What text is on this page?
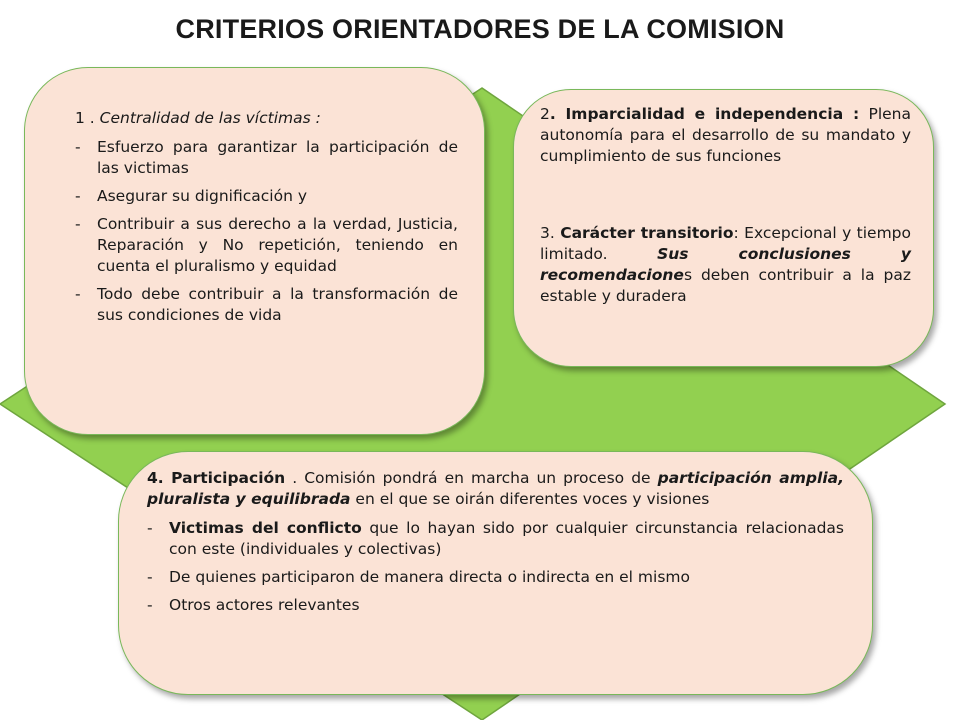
CRITERIOS ORIENTADORES DE LA COMISION

1 . Centralidad de las víctimas :

-	Esfuerzo para garantizar la participación de las victimas
-	Asegurar su dignificación y
-	Contribuir a sus derecho a la verdad, Justicia, Reparación y No repetición, teniendo en cuenta el pluralismo y equidad
-	Todo debe contribuir a la transformación de sus condiciones de vida

2. Imparcialidad e independencia : Plena autonomía para el desarrollo de su mandato y cumplimiento de sus funciones

3. Carácter transitorio: Excepcional y tiempo limitado. Sus conclusiones y recomendaciones deben contribuir a la paz estable y duradera

4. Participación . Comisión pondrá en marcha un proceso de participación amplia, pluralista y equilibrada en el que se oirán diferentes voces y visiones

-	Victimas del conflicto que lo hayan sido por cualquier circunstancia relacionadas con este (individuales y colectivas)
-	De quienes participaron de manera directa o indirecta en el mismo
-	Otros actores relevantes
